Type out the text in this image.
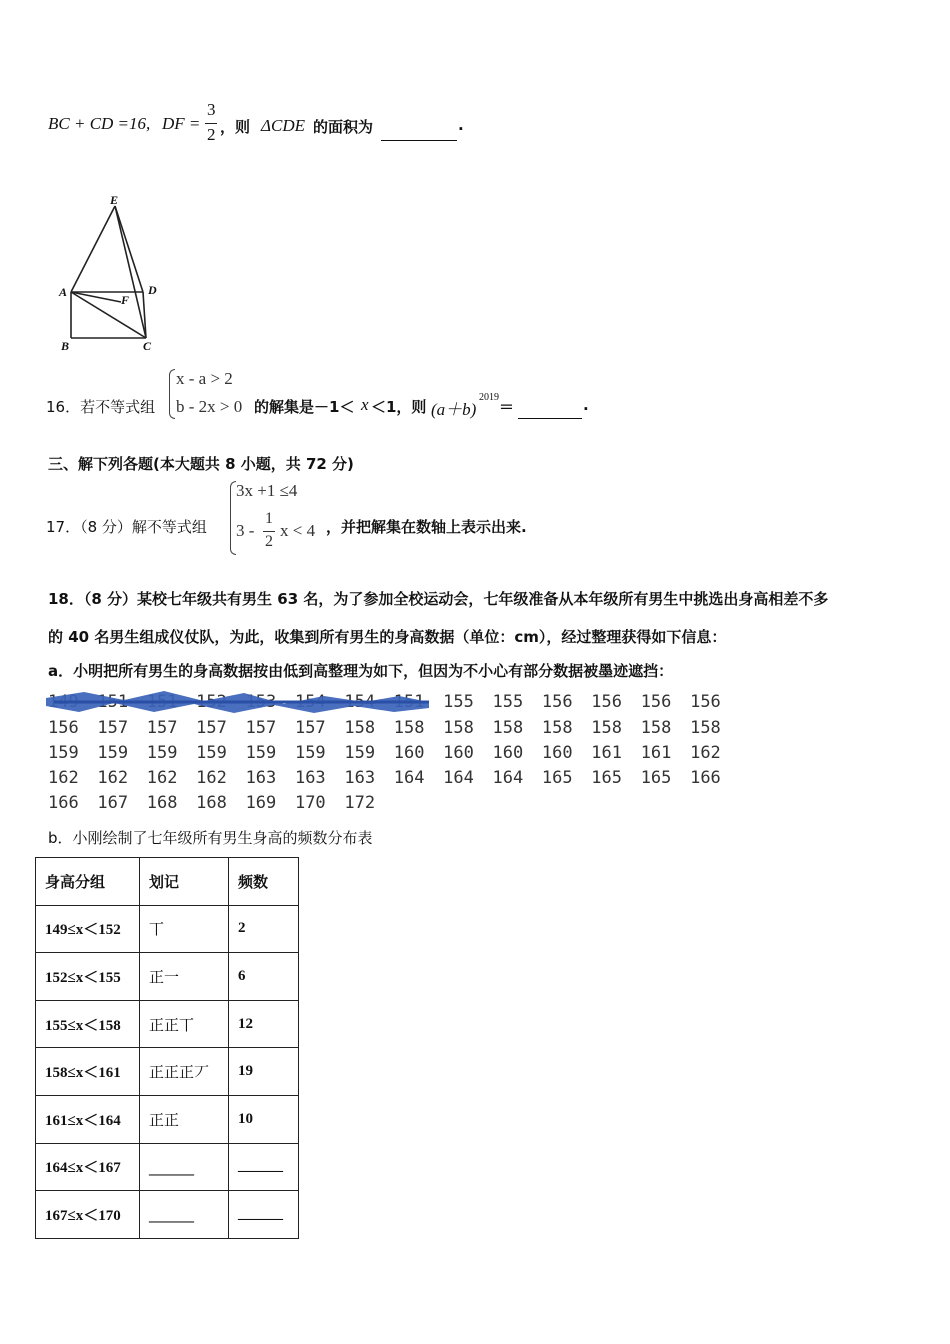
BC + CD =16, DF =
3
2 ，则 ΔCDE 的面积为	.
E
A	D
F
B	C
16．若不等式组
x - a > 2
b - 2x > 0 的解集是－1＜ x ＜1，则 (a＋b)
2019
＝	.
三、解下列各题(本大题共 8 小题，共 72 分)
17．（8 分）解不等式组
3x +1 ≤4
3 -
1
2
x < 4 ，并把解集在数轴上表示出来.
18．（8 分）某校七年级共有男生 63 名，为了参加全校运动会，七年级准备从本年级所有男生中挑选出身高相差不多
的 40 名男生组成仪仗队，为此，收集到所有男生的身高数据（单位：cm），经过整理获得如下信息：
a．小明把所有男生的身高数据按由低到高整理为如下，但因为不小心有部分数据被墨迹遮挡：
155 155 156 156 156 156
156 157 157 157 157 157 158 158 158 158 158 158 158 158
159 159 159 159 159 159 159 160 160 160 160 161 161 162
162 162 162 162 163 163 163 164 164 164 165 165 165 166
166 167 168 168 169 170 172
b．小刚绘制了七年级所有男生身高的频数分布表
身高分组	划记	频数
149≤x＜152	丅	2
152≤x＜155	正一	6
155≤x＜158	正正丅	12
158≤x＜161	正正正丆	19
161≤x＜164	正正	10
164≤x＜167	______	______
167≤x＜170	______	______
